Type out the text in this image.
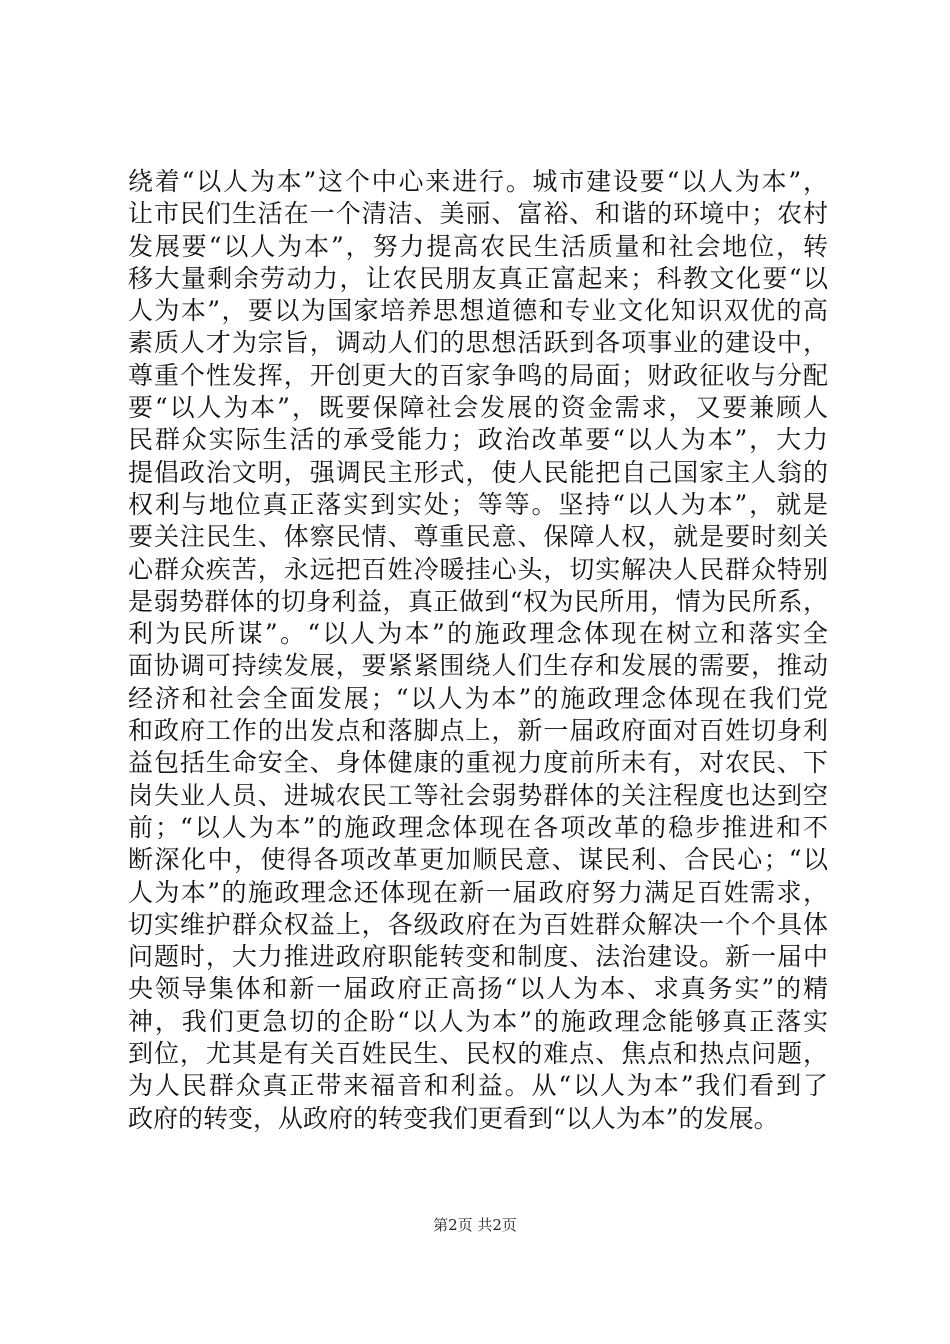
绕着“以人为本”这个中心来进行。城市建设要“以人为本”，
让市民们生活在一个清洁、美丽、富裕、和谐的环境中；农村
发展要“以人为本”，努力提高农民生活质量和社会地位，转
移大量剩余劳动力，让农民朋友真正富起来；科教文化要“以
人为本”，要以为国家培养思想道德和专业文化知识双优的高
素质人才为宗旨，调动人们的思想活跃到各项事业的建设中，
尊重个性发挥，开创更大的百家争鸣的局面；财政征收与分配
要“以人为本”，既要保障社会发展的资金需求，又要兼顾人
民群众实际生活的承受能力；政治改革要“以人为本”，大力
提倡政治文明，强调民主形式，使人民能把自己国家主人翁的
权利与地位真正落实到实处；等等。坚持“以人为本”，就是
要关注民生、体察民情、尊重民意、保障人权，就是要时刻关
心群众疾苦，永远把百姓冷暖挂心头，切实解决人民群众特别
是弱势群体的切身利益，真正做到“权为民所用，情为民所系，
利为民所谋”。“以人为本”的施政理念体现在树立和落实全
面协调可持续发展，要紧紧围绕人们生存和发展的需要，推动
经济和社会全面发展；“以人为本”的施政理念体现在我们党
和政府工作的出发点和落脚点上，新一届政府面对百姓切身利
益包括生命安全、身体健康的重视力度前所未有，对农民、下
岗失业人员、进城农民工等社会弱势群体的关注程度也达到空
前；“以人为本”的施政理念体现在各项改革的稳步推进和不
断深化中，使得各项改革更加顺民意、谋民利、合民心；“以
人为本”的施政理念还体现在新一届政府努力满足百姓需求，
切实维护群众权益上，各级政府在为百姓群众解决一个个具体
问题时，大力推进政府职能转变和制度、法治建设。新一届中
央领导集体和新一届政府正高扬“以人为本、求真务实”的精
神，我们更急切的企盼“以人为本”的施政理念能够真正落实
到位，尤其是有关百姓民生、民权的难点、焦点和热点问题，
为人民群众真正带来福音和利益。从“以人为本”我们看到了
政府的转变，从政府的转变我们更看到“以人为本”的发展。
第2页 共2页
